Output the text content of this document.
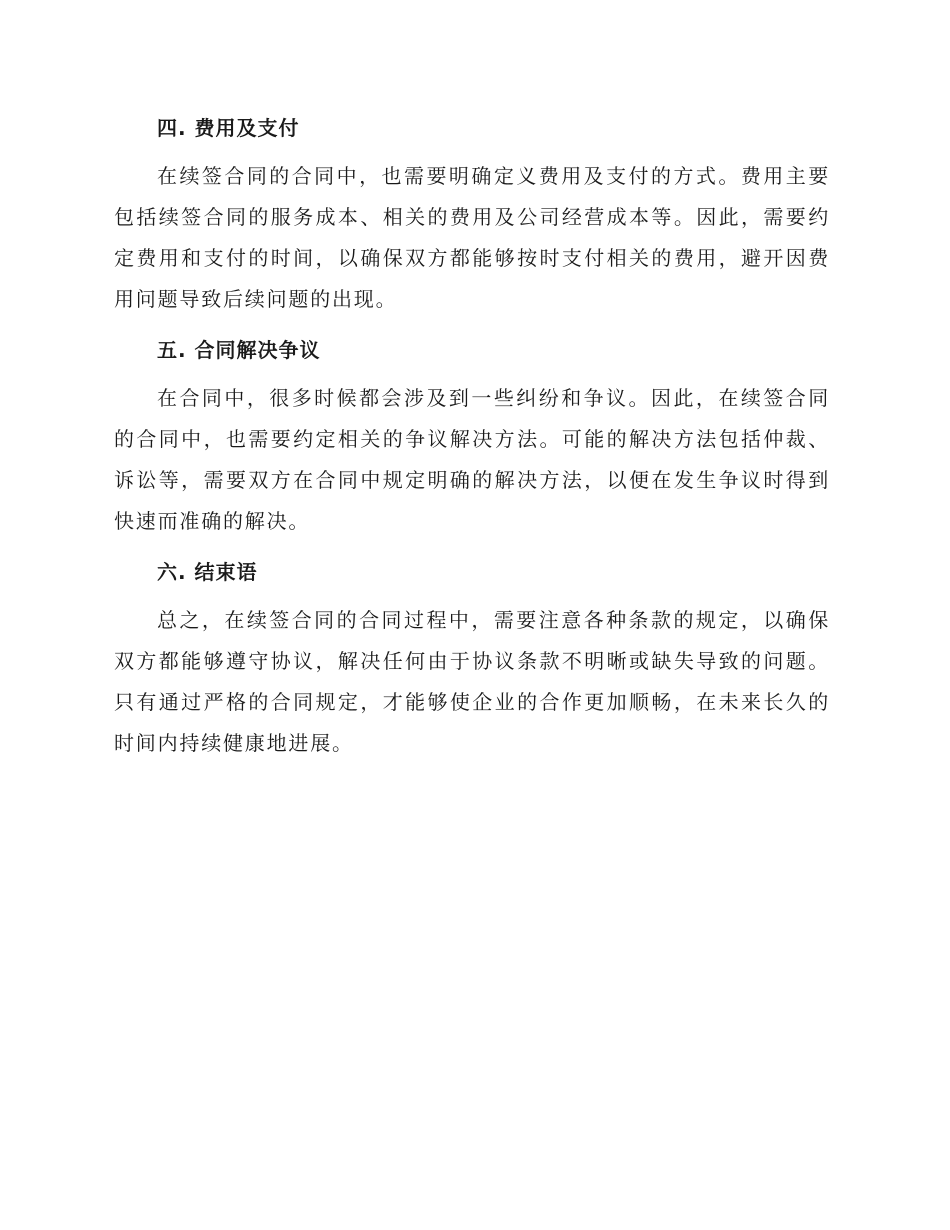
四. 费用及支付

在续签合同的合同中，也需要明确定义费用及支付的方式。费用主要包括续签合同的服务成本、相关的费用及公司经营成本等。因此，需要约定费用和支付的时间，以确保双方都能够按时支付相关的费用，避开因费用问题导致后续问题的出现。

五. 合同解决争议

在合同中，很多时候都会涉及到一些纠纷和争议。因此，在续签合同的合同中，也需要约定相关的争议解决方法。可能的解决方法包括仲裁、诉讼等，需要双方在合同中规定明确的解决方法，以便在发生争议时得到快速而准确的解决。

六. 结束语

总之，在续签合同的合同过程中，需要注意各种条款的规定，以确保双方都能够遵守协议，解决任何由于协议条款不明晰或缺失导致的问题。只有通过严格的合同规定，才能够使企业的合作更加顺畅，在未来长久的时间内持续健康地进展。
